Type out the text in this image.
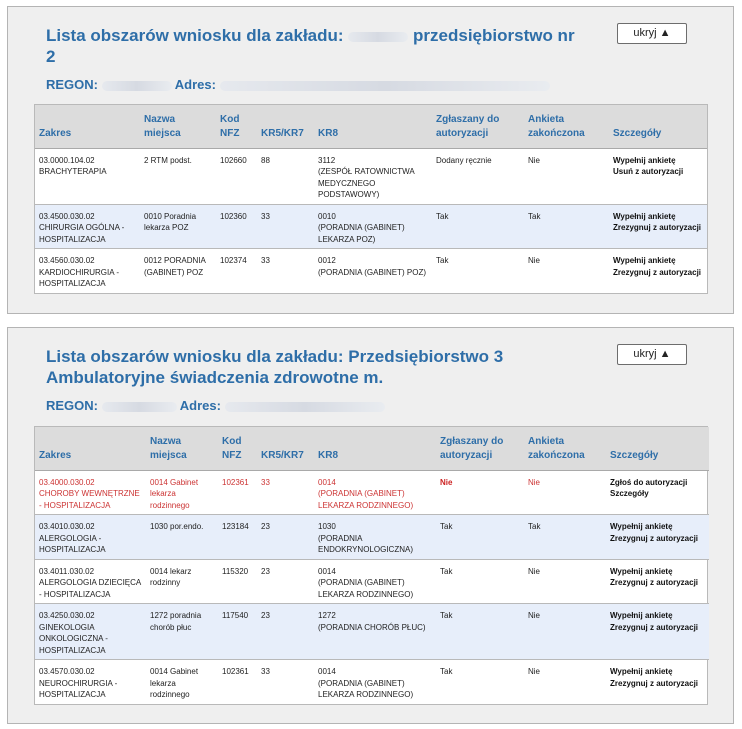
Lista obszarów wniosku dla zakładu:	przedsiębiorstwo nr 2
ukryj ▲
REGON:	Adres:
Zakres	Nazwa miejsca	Kod NFZ	KR5/KR7	KR8	Zgłaszany do autoryzacji	Ankieta zakończona	Szczegóły
03.0000.104.02
BRACHYTERAPIA	2 RTM podst.	102660	88	3112
(ZESPÓŁ RATOWNICTWA MEDYCZNEGO PODSTAWOWY)	Dodany ręcznie	Nie	Wypełnij ankietę
Usuń z autoryzacji

03.4500.030.02
CHIRURGIA OGÓLNA - HOSPITALIZACJA	0010 Poradnia lekarza POZ	102360	33	0010
(PORADNIA (GABINET) LEKARZA POZ)	Tak	Tak	Wypełnij ankietę
Zrezygnuj z autoryzacji

03.4560.030.02
KARDIOCHIRURGIA - HOSPITALIZACJA	0012 PORADNIA (GABINET) POZ	102374	33	0012
(PORADNIA (GABINET) POZ)	Tak	Nie	Wypełnij ankietę
Zrezygnuj z autoryzacji
Lista obszarów wniosku dla zakładu: Przedsiębiorstwo 3 Ambulatoryjne świadczenia zdrowotne m.
ukryj ▲
REGON:	Adres:
Zakres	Nazwa miejsca	Kod NFZ	KR5/KR7	KR8	Zgłaszany do autoryzacji	Ankieta zakończona	Szczegóły
03.4000.030.02
CHOROBY WEWNĘTRZNE - HOSPITALIZACJA	0014 Gabinet lekarza rodzinnego	102361	33	0014
(PORADNIA (GABINET) LEKARZA RODZINNEGO)	Nie	Nie	Zgłoś do autoryzacji
Szczegóły

03.4010.030.02
ALERGOLOGIA - HOSPITALIZACJA	1030 por.endo.	123184	23	1030
(PORADNIA ENDOKRYNOLOGICZNA)	Tak	Tak	Wypełnij ankietę
Zrezygnuj z autoryzacji

03.4011.030.02
ALERGOLOGIA DZIECIĘCA - HOSPITALIZACJA	0014 lekarz rodzinny	115320	23	0014
(PORADNIA (GABINET) LEKARZA RODZINNEGO)	Tak	Nie	Wypełnij ankietę
Zrezygnuj z autoryzacji

03.4250.030.02
GINEKOLOGIA ONKOLOGICZNA - HOSPITALIZACJA	1272 poradnia chorób płuc	117540	23	1272
(PORADNIA CHORÓB PŁUC)	Tak	Nie	Wypełnij ankietę
Zrezygnuj z autoryzacji

03.4570.030.02
NEUROCHIRURGIA - HOSPITALIZACJA	0014 Gabinet lekarza rodzinnego	102361	33	0014
(PORADNIA (GABINET) LEKARZA RODZINNEGO)	Tak	Nie	Wypełnij ankietę
Zrezygnuj z autoryzacji
